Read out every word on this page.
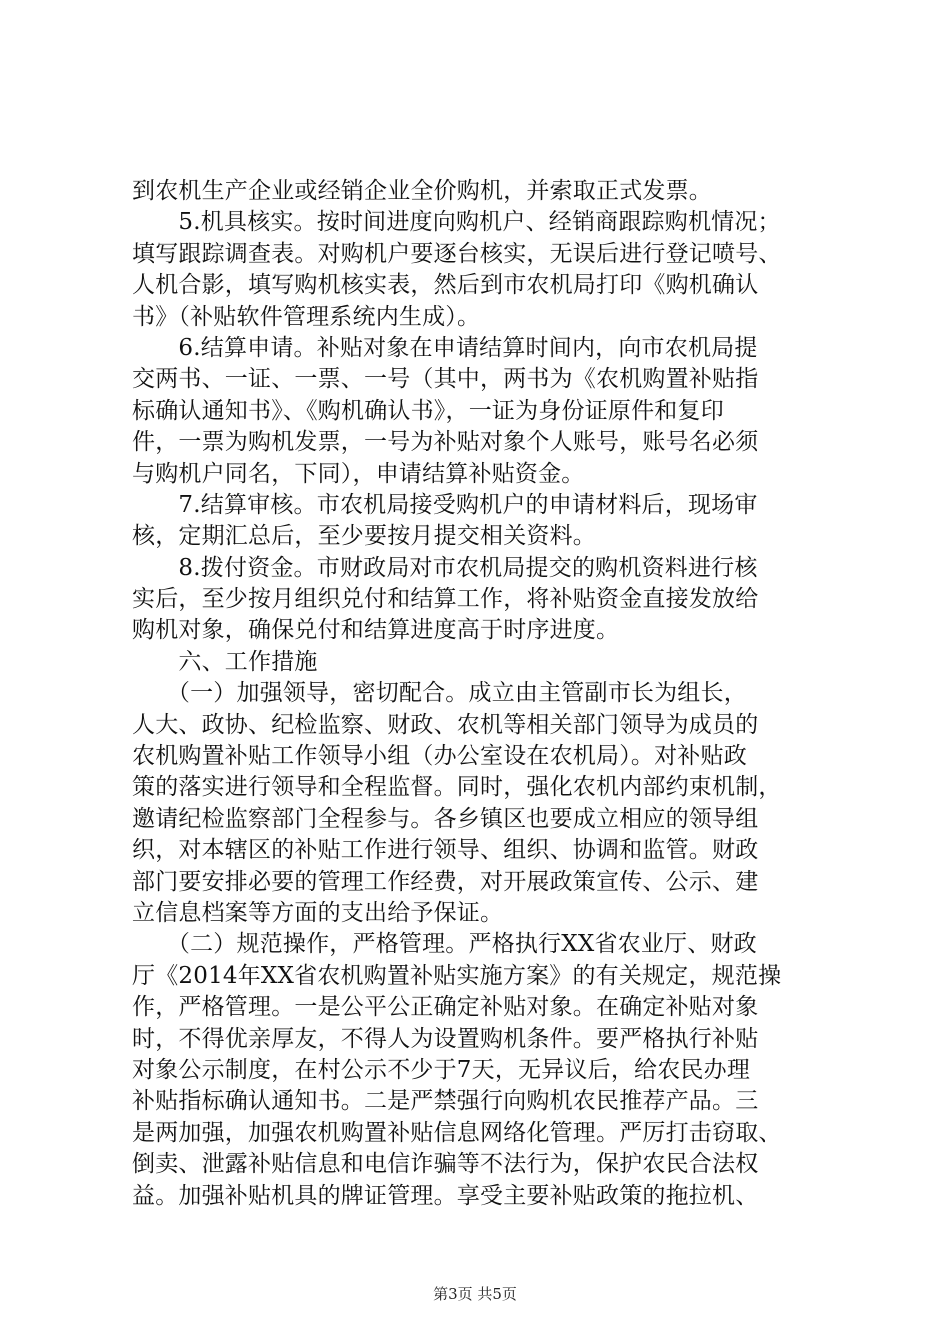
到农机生产企业或经销企业全价购机，并索取正式发票。
　　5.机具核实。按时间进度向购机户、经销商跟踪购机情况；
填写跟踪调查表。对购机户要逐台核实，无误后进行登记喷号、
人机合影，填写购机核实表，然后到市农机局打印《购机确认
书》（补贴软件管理系统内生成）。
　　6.结算申请。补贴对象在申请结算时间内，向市农机局提
交两书、一证、一票、一号（其中，两书为《农机购置补贴指
标确认通知书》、《购机确认书》，一证为身份证原件和复印
件，一票为购机发票，一号为补贴对象个人账号，账号名必须
与购机户同名，下同），申请结算补贴资金。
　　7.结算审核。市农机局接受购机户的申请材料后，现场审
核，定期汇总后，至少要按月提交相关资料。
　　8.拨付资金。市财政局对市农机局提交的购机资料进行核
实后，至少按月组织兑付和结算工作，将补贴资金直接发放给
购机对象，确保兑付和结算进度高于时序进度。
　　六、工作措施
　　（一）加强领导，密切配合。成立由主管副市长为组长，
人大、政协、纪检监察、财政、农机等相关部门领导为成员的
农机购置补贴工作领导小组（办公室设在农机局）。对补贴政
策的落实进行领导和全程监督。同时，强化农机内部约束机制，
邀请纪检监察部门全程参与。各乡镇区也要成立相应的领导组
织，对本辖区的补贴工作进行领导、组织、协调和监管。财政
部门要安排必要的管理工作经费，对开展政策宣传、公示、建
立信息档案等方面的支出给予保证。
　　（二）规范操作，严格管理。严格执行XX省农业厅、财政
厅《2014年XX省农机购置补贴实施方案》的有关规定，规范操
作，严格管理。一是公平公正确定补贴对象。在确定补贴对象
时，不得优亲厚友，不得人为设置购机条件。要严格执行补贴
对象公示制度，在村公示不少于7天，无异议后，给农民办理
补贴指标确认通知书。二是严禁强行向购机农民推荐产品。三
是两加强，加强农机购置补贴信息网络化管理。严厉打击窃取、
倒卖、泄露补贴信息和电信诈骗等不法行为，保护农民合法权
益。加强补贴机具的牌证管理。享受主要补贴政策的拖拉机、
第3页 共5页
